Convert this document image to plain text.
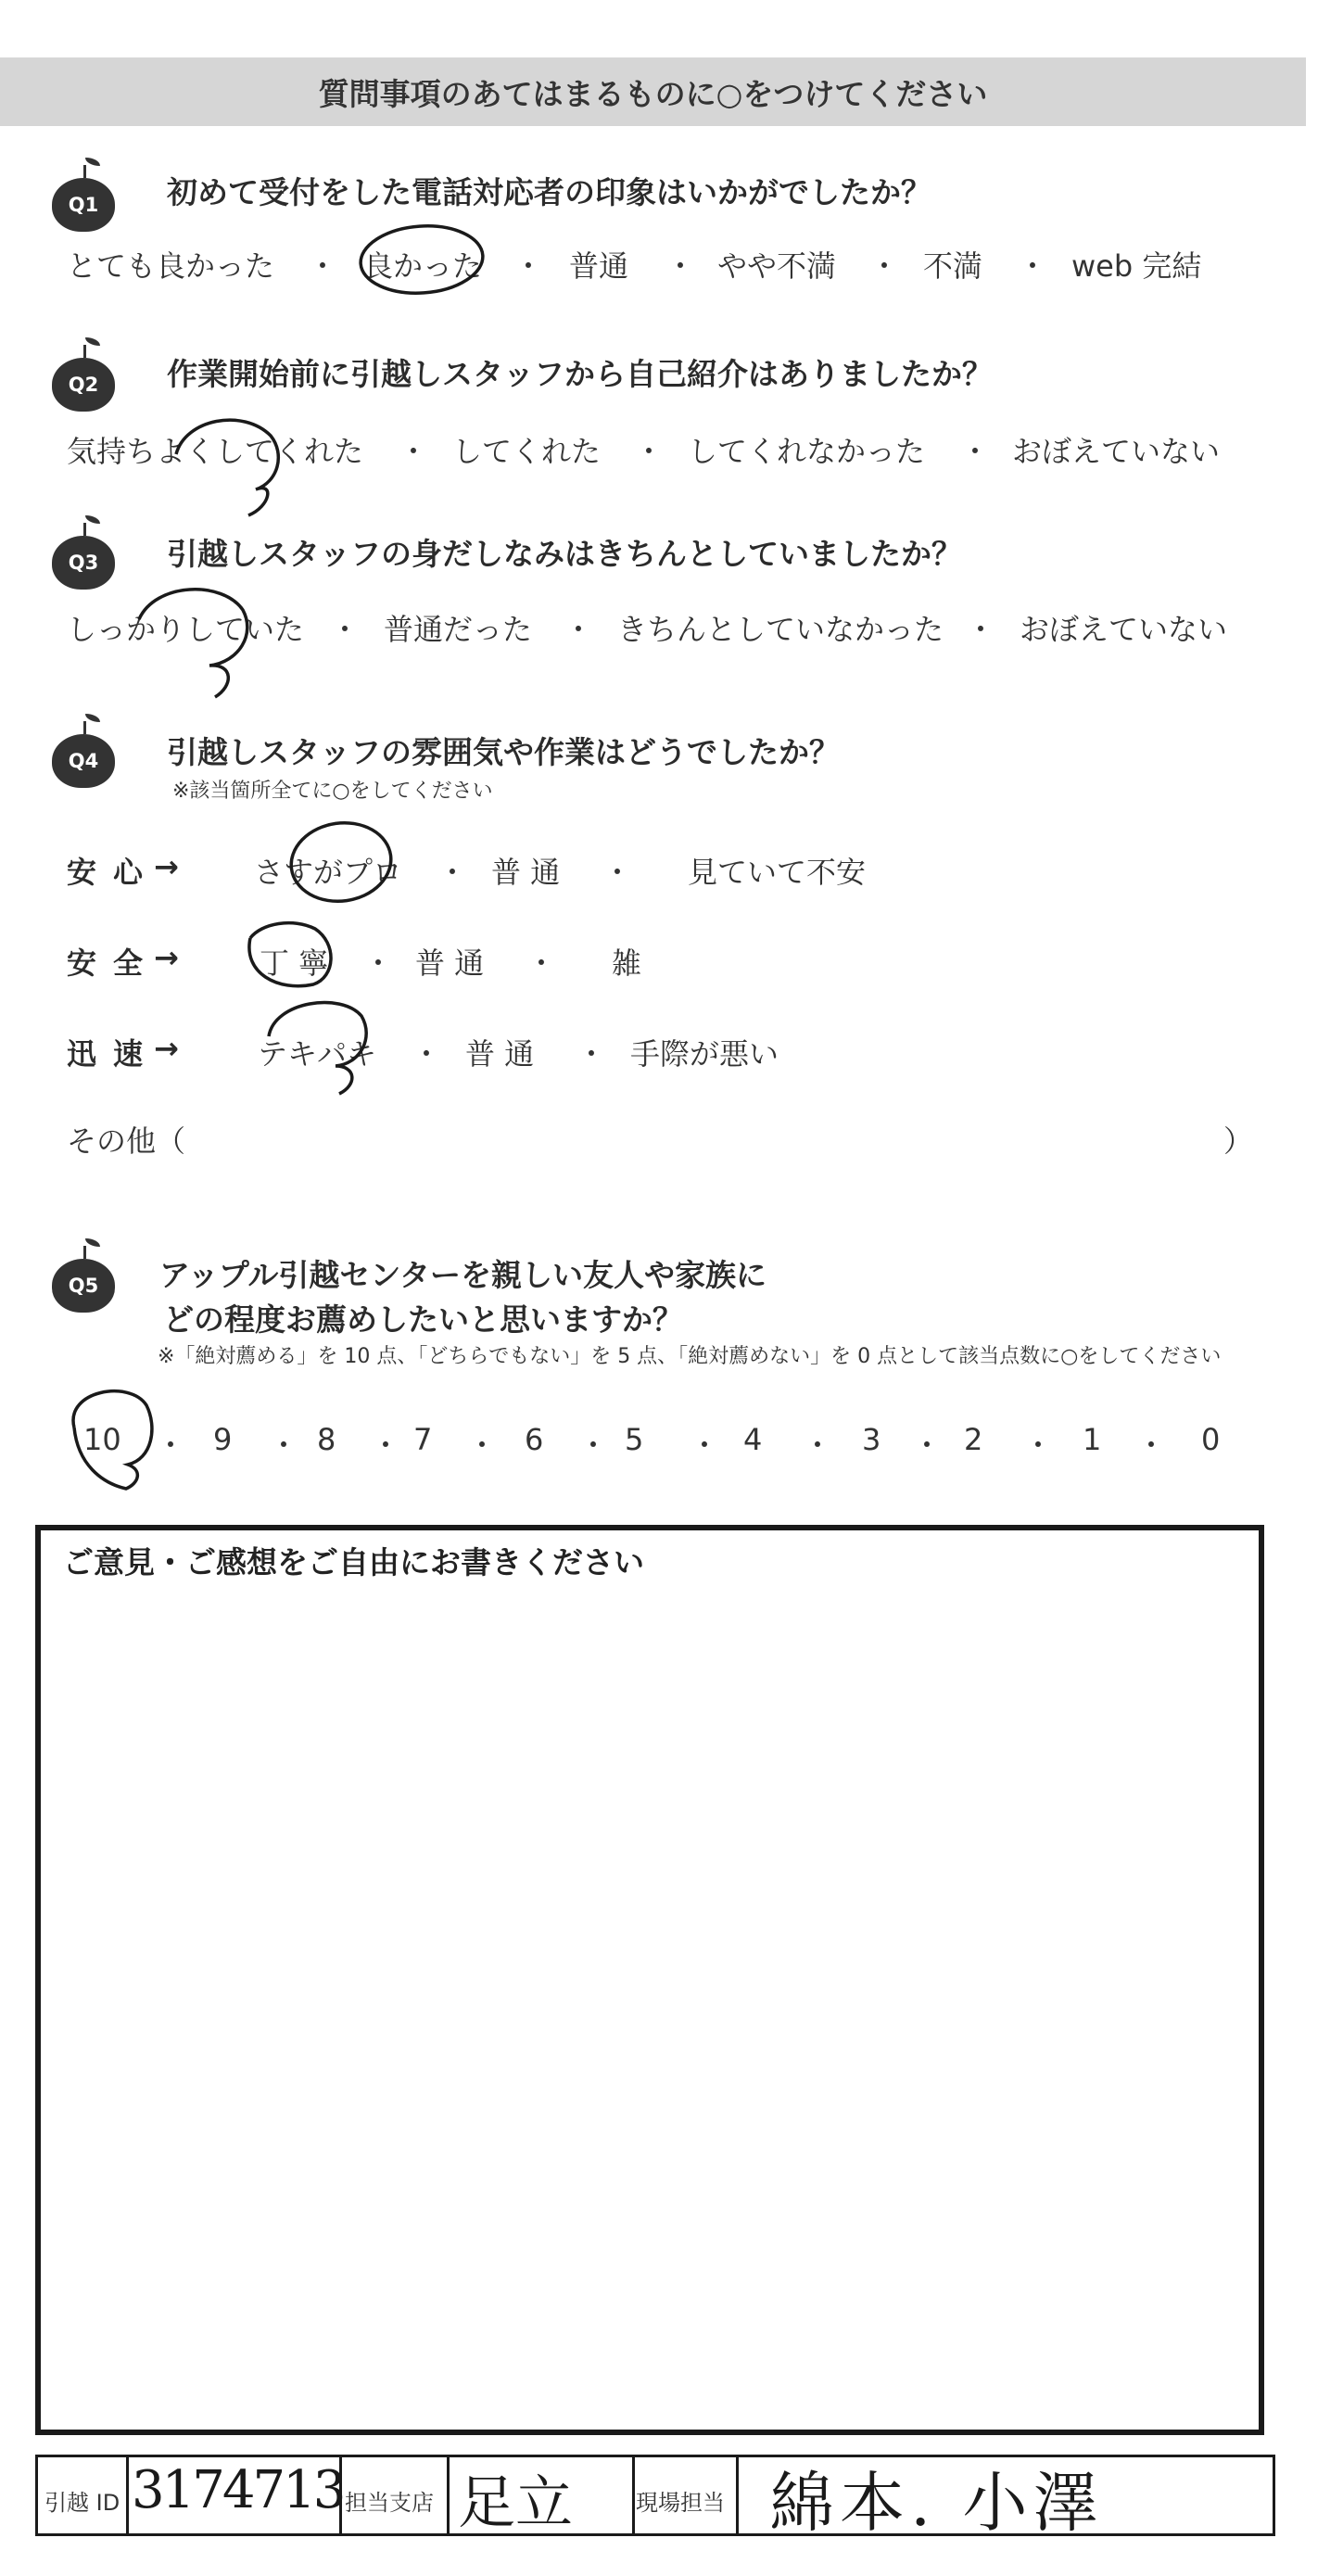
質問事項のあてはまるものに○をつけてください
Q1 初めて受付をした電話対応者の印象はいかがでしたか？
とても良かった ・ 良かった ・ 普通 ・ やや不満 ・ 不満 ・ web 完結
Q2 作業開始前に引越しスタッフから自己紹介はありましたか？
気持ちよくしてくれた ・ してくれた ・ してくれなかった ・ おぼえていない
Q3 引越しスタッフの身だしなみはきちんとしていましたか？
しっかりしていた ・ 普通だった ・ きちんとしていなかった ・ おぼえていない
Q4 引越しスタッフの雰囲気や作業はどうでしたか？
※該当箇所全てに○をしてください
安心
→	さすがプロ ・ 普 通 ・ 見ていて不安
安全
→	丁 寧 ・ 普 通 ・ 雑
迅速
→	テキパキ ・ 普 通 ・ 手際が悪い
その他（	）
Q5 アップル引越センターを親しい友人や家族に
どの程度お薦めしたいと思いますか？
※「絶対薦める」を 10 点、「どちらでもない」を 5 点、「絶対薦めない」を 0 点として該当点数に○をしてください
10 ・ 9 ・ 8 ・ 7 ・ 6 ・ 5 ・ 4 ・ 3 ・ 2 ・ 1 ・ 0
ご意見・ご感想をご自由にお書きください
引越 ID 3174713 担当支店 足立	現場担当 綿本. 小澤
